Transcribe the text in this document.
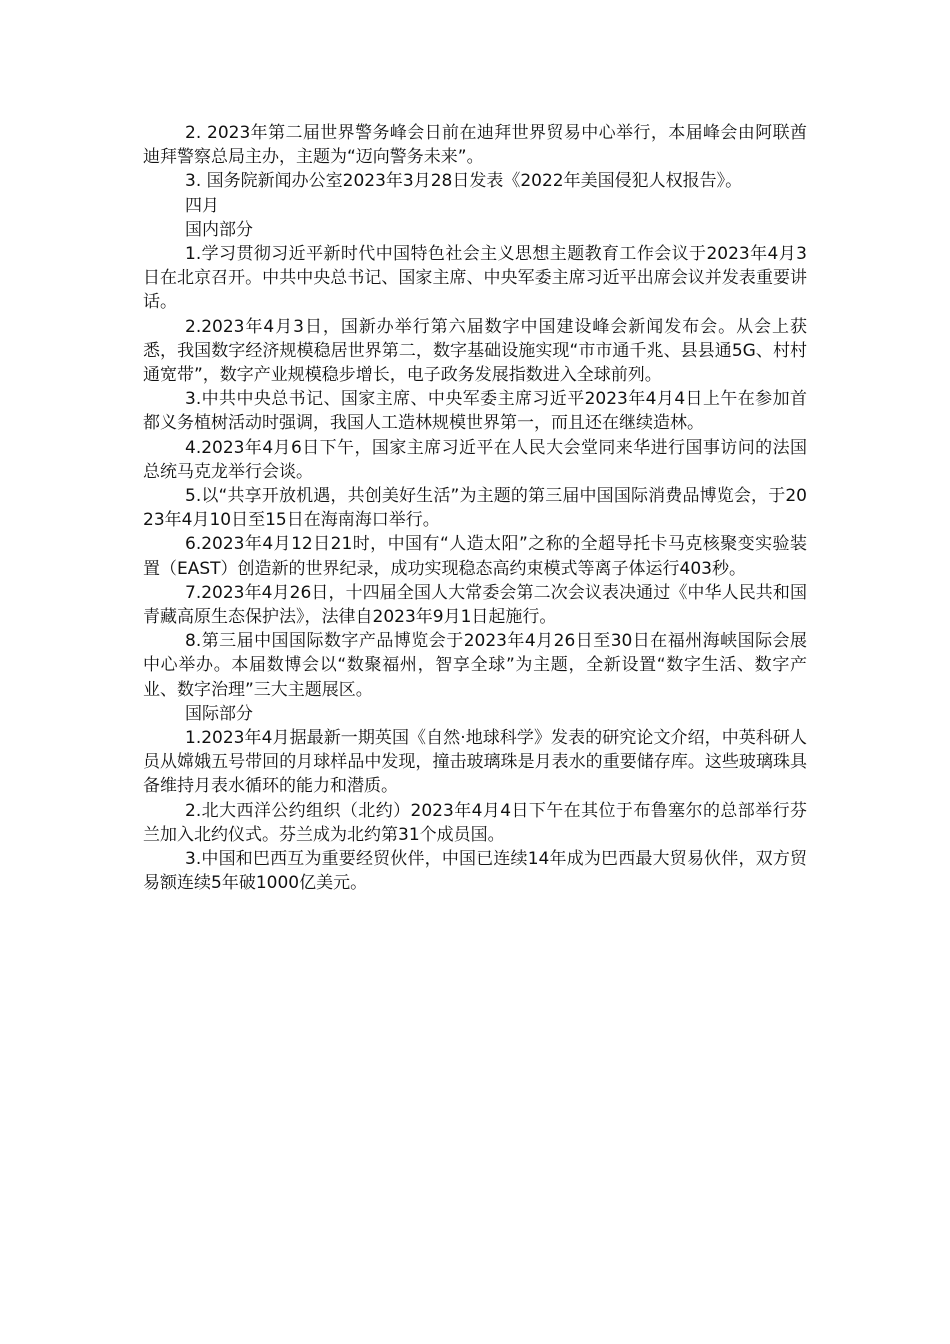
2. 2023年第二届世界警务峰会日前在迪拜世界贸易中心举行，本届峰会由阿联酋迪拜警察总局主办，主题为“迈向警务未来”。

3. 国务院新闻办公室2023年3月28日发表《2022年美国侵犯人权报告》。

四月

国内部分

1.学习贯彻习近平新时代中国特色社会主义思想主题教育工作会议于2023年4月3日在北京召开。中共中央总书记、国家主席、中央军委主席习近平出席会议并发表重要讲话。

2.2023年4月3日，国新办举行第六届数字中国建设峰会新闻发布会。从会上获悉，我国数字经济规模稳居世界第二，数字基础设施实现“市市通千兆、县县通5G、村村通宽带”，数字产业规模稳步增长，电子政务发展指数进入全球前列。

3.中共中央总书记、国家主席、中央军委主席习近平2023年4月4日上午在参加首都义务植树活动时强调，我国人工造林规模世界第一，而且还在继续造林。

4.2023年4月6日下午，国家主席习近平在人民大会堂同来华进行国事访问的法国总统马克龙举行会谈。

5.以“共享开放机遇，共创美好生活”为主题的第三届中国国际消费品博览会，于2023年4月10日至15日在海南海口举行。

6.2023年4月12日21时，中国有“人造太阳”之称的全超导托卡马克核聚变实验装置（EAST）创造新的世界纪录，成功实现稳态高约束模式等离子体运行403秒。

7.2023年4月26日，十四届全国人大常委会第二次会议表决通过《中华人民共和国青藏高原生态保护法》，法律自2023年9月1日起施行。

8.第三届中国国际数字产品博览会于2023年4月26日至30日在福州海峡国际会展中心举办。本届数博会以“数聚福州，智享全球”为主题，全新设置“数字生活、数字产业、数字治理”三大主题展区。

国际部分

1.2023年4月据最新一期英国《自然·地球科学》发表的研究论文介绍，中英科研人员从嫦娥五号带回的月球样品中发现，撞击玻璃珠是月表水的重要储存库。这些玻璃珠具备维持月表水循环的能力和潜质。

2.北大西洋公约组织（北约）2023年4月4日下午在其位于布鲁塞尔的总部举行芬兰加入北约仪式。芬兰成为北约第31个成员国。

3.中国和巴西互为重要经贸伙伴，中国已连续14年成为巴西最大贸易伙伴，双方贸易额连续5年破1000亿美元。
